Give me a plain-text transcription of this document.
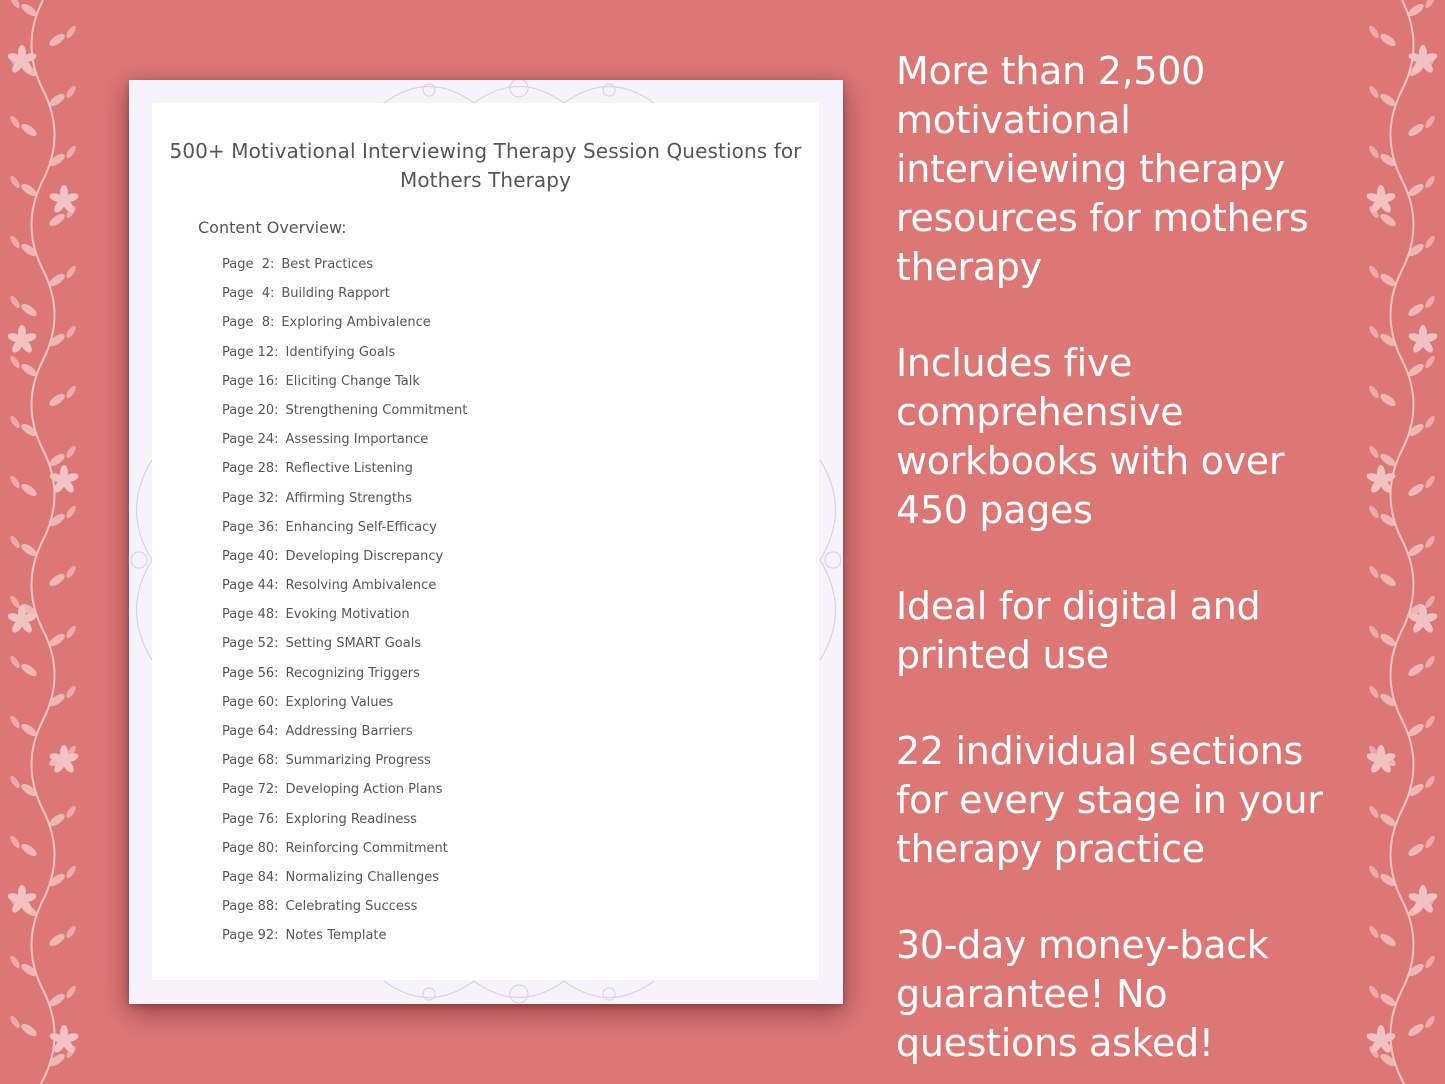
500+ Motivational Interviewing Therapy Session Questions for Mothers Therapy
Content Overview:
Page  2: Best Practices
Page  4: Building Rapport
Page  8: Exploring Ambivalence
Page 12: Identifying Goals
Page 16: Eliciting Change Talk
Page 20: Strengthening Commitment
Page 24: Assessing Importance
Page 28: Reflective Listening
Page 32: Affirming Strengths
Page 36: Enhancing Self-Efficacy
Page 40: Developing Discrepancy
Page 44: Resolving Ambivalence
Page 48: Evoking Motivation
Page 52: Setting SMART Goals
Page 56: Recognizing Triggers
Page 60: Exploring Values
Page 64: Addressing Barriers
Page 68: Summarizing Progress
Page 72: Developing Action Plans
Page 76: Exploring Readiness
Page 80: Reinforcing Commitment
Page 84: Normalizing Challenges
Page 88: Celebrating Success
Page 92: Notes Template

More than 2,500
motivational
interviewing therapy
resources for mothers
therapy

Includes five
comprehensive
workbooks with over
450 pages

Ideal for digital and
printed use

22 individual sections
for every stage in your
therapy practice

30-day money-back
guarantee! No
questions asked!
